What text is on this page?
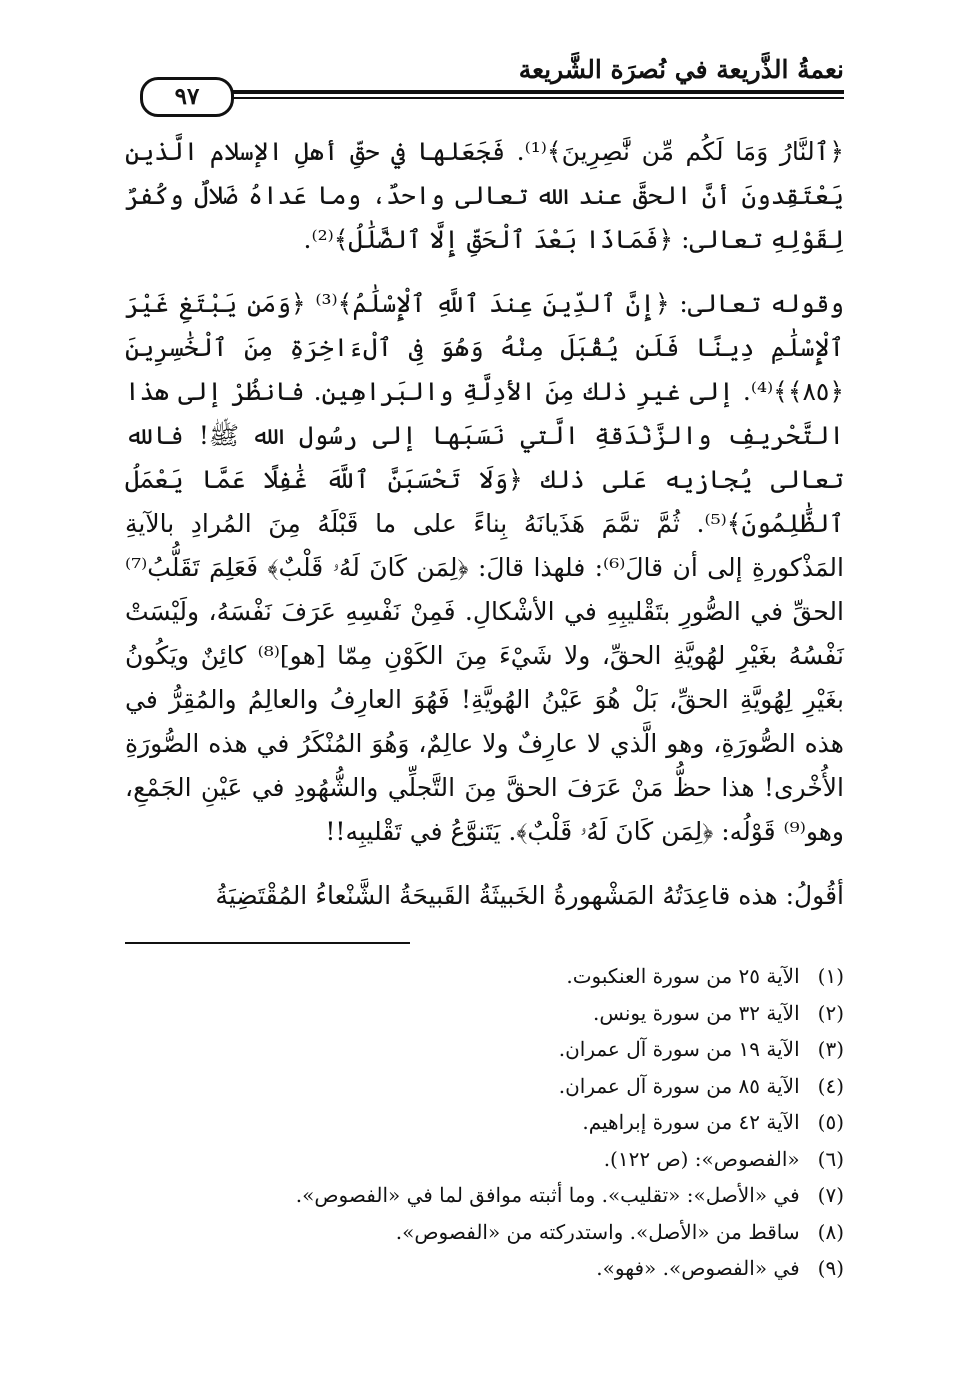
نعمةُ الذَّريعة في نُصرَة الشَّريعة
٩٧

﴿ٱلنَّارُ وَمَا لَكُم مِّن نَّٰصِرِينَ﴾⁽¹⁾. فَجَعَلها في حقِّ أهلِ الإسلام الَّذين يَعْتَقِدونَ أنَّ الحقَّ عند الله تعالى واحدٌ، وما عَداهُ ضَلالٌ وكُفرٌ لِقَوْلِهِ تعالى: ﴿فَمَاذَا بَعْدَ ٱلْحَقِّ إِلَّا ٱلضَّلَٰلُ﴾⁽²⁾.

وقوله تعالى: ﴿إِنَّ ٱلدِّينَ عِندَ ٱللَّهِ ٱلْإِسْلَٰمُ﴾⁽³⁾ ﴿وَمَن يَبْتَغِ غَيْرَ ٱلْإِسْلَٰمِ دِينًا فَلَن يُقْبَلَ مِنْهُ وَهُوَ فِى ٱلْءَاخِرَةِ مِنَ ٱلْخَٰسِرِينَ ﴿٨٥﴾﴾⁽⁴⁾. إلى غيرِ ذلك مِنَ الأدِلَّةِ والبَراهِين. فانظُرْ إلى هذا التَّحْريفِ والزَّنْدَقةِ الَّتي نَسَبَها إلى رسُول الله ﷺ! فالله تعالى يُجازيه عَلى ذلك ﴿وَلَا تَحْسَبَنَّ ٱللَّهَ غَٰفِلًا عَمَّا يَعْمَلُ ٱلظَّٰلِمُونَ﴾⁽⁵⁾. ثُمَّ تمَّمَ هَذَيانَهُ بِناءً على ما قَبْلَهُ مِنَ المُرادِ بالآيةِ المَذْكورةِ إلى أن قالَ⁽⁶⁾: فلهذا قالَ: ﴿لِمَن كَانَ لَهُۥ قَلْبٌ﴾ فَعَلِمَ تَقَلُّبُ⁽⁷⁾ الحقِّ في الصُّورِ بتَقْليبِهِ في الأشْكالِ. فَمِنْ نَفْسِهِ عَرَفَ نَفْسَهُ، ولَيْسَتْ نَفْسُهُ بغَيْرِ لهُويَّةِ الحقِّ، ولا شَيْءَ مِنَ الكَوْنِ مِمّا [هو]⁽⁸⁾ كائِنٌ ويَكُونُ بغَيْرِ لِهُويَّةِ الحقِّ، بَلْ هُوَ عَيْنُ الهُويَّةِ! فَهُوَ العارِفُ والعالِمُ والمُقِرُّ في هذه الصُّورَةِ، وهو الَّذي لا عارِفٌ ولا عالِمٌ، وَهُوَ المُنْكَرُ في هذه الصُّورَةِ الأُخْرى! هذا حظُّ مَنْ عَرَفَ الحقَّ مِنَ التَّجلِّي والشُّهُودِ في عَيْنِ الجَمْعِ، وهو⁽⁹⁾ قَوْلُه: ﴿لِمَن كَانَ لَهُۥ قَلْبٌ﴾. يَتَنوَّعُ في تَقْليبِه!!

أقُولُ: هذه قاعِدَتُهُ المَشْهورةُ الخَبيثَةُ القَبيحَةُ الشَّنْعاءُ المُقْتَضِيَةُ

(١) الآية ٢٥ من سورة العنكبوت.
(٢) الآية ٣٢ من سورة يونس.
(٣) الآية ١٩ من سورة آل عمران.
(٤) الآية ٨٥ من سورة آل عمران.
(٥) الآية ٤٢ من سورة إبراهيم.
(٦) «الفصوص»: (ص ١٢٢).
(٧) في «الأصل»: «تقليب». وما أثبته موافق لما في «الفصوص».
(٨) ساقط من «الأصل». واستدركته من «الفصوص».
(٩) في «الفصوص». «فهو».
